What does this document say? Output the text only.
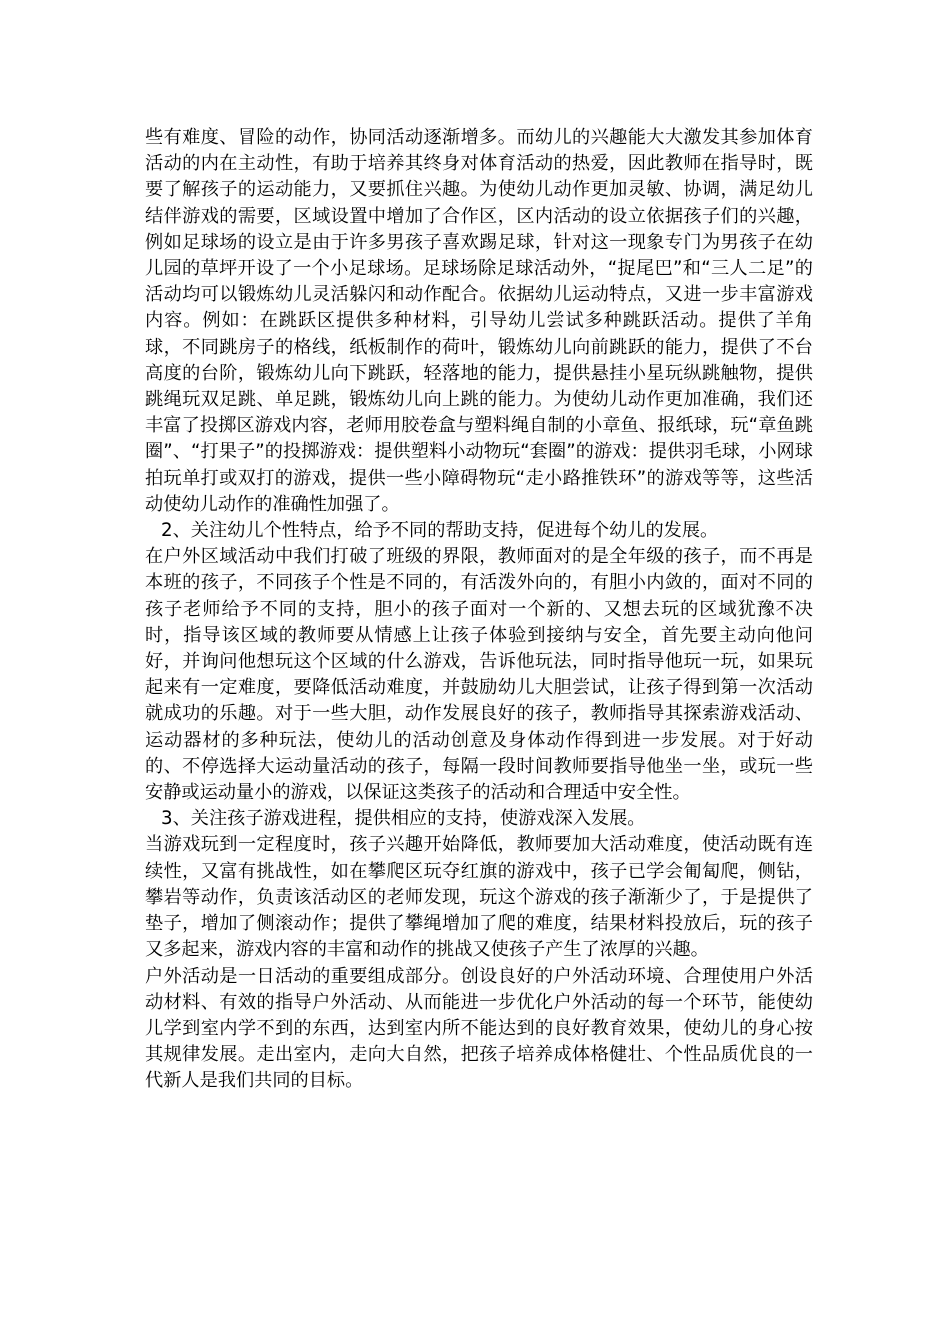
些有难度、冒险的动作，协同活动逐渐增多。而幼儿的兴趣能大大激发其参加体育活动的内在主动性，有助于培养其终身对体育活动的热爱，因此教师在指导时，既要了解孩子的运动能力，又要抓住兴趣。为使幼儿动作更加灵敏、协调，满足幼儿结伴游戏的需要，区域设置中增加了合作区，区内活动的设立依据孩子们的兴趣，例如足球场的设立是由于许多男孩子喜欢踢足球，针对这一现象专门为男孩子在幼儿园的草坪开设了一个小足球场。足球场除足球活动外，“捉尾巴”和“三人二足”的活动均可以锻炼幼儿灵活躲闪和动作配合。依据幼儿运动特点，又进一步丰富游戏内容。例如：在跳跃区提供多种材料，引导幼儿尝试多种跳跃活动。提供了羊角球，不同跳房子的格线，纸板制作的荷叶，锻炼幼儿向前跳跃的能力，提供了不台高度的台阶，锻炼幼儿向下跳跃，轻落地的能力，提供悬挂小星玩纵跳触物，提供跳绳玩双足跳、单足跳，锻炼幼儿向上跳的能力。为使幼儿动作更加准确，我们还丰富了投掷区游戏内容，老师用胶卷盒与塑料绳自制的小章鱼、报纸球，玩“章鱼跳圈”、“打果子”的投掷游戏：提供塑料小动物玩“套圈”的游戏：提供羽毛球，小网球拍玩单打或双打的游戏，提供一些小障碍物玩“走小路推铁环”的游戏等等，这些活动使幼儿动作的准确性加强了。

2、关注幼儿个性特点，给予不同的帮助支持，促进每个幼儿的发展。

在户外区域活动中我们打破了班级的界限，教师面对的是全年级的孩子，而不再是本班的孩子，不同孩子个性是不同的，有活泼外向的，有胆小内敛的，面对不同的孩子老师给予不同的支持，胆小的孩子面对一个新的、又想去玩的区域犹豫不决时，指导该区域的教师要从情感上让孩子体验到接纳与安全，首先要主动向他问好，并询问他想玩这个区域的什么游戏，告诉他玩法，同时指导他玩一玩，如果玩起来有一定难度，要降低活动难度，并鼓励幼儿大胆尝试，让孩子得到第一次活动就成功的乐趣。对于一些大胆，动作发展良好的孩子，教师指导其探索游戏活动、运动器材的多种玩法，使幼儿的活动创意及身体动作得到进一步发展。对于好动的、不停选择大运动量活动的孩子，每隔一段时间教师要指导他坐一坐，或玩一些安静或运动量小的游戏，以保证这类孩子的活动和合理适中安全性。

3、关注孩子游戏进程，提供相应的支持，使游戏深入发展。

当游戏玩到一定程度时，孩子兴趣开始降低，教师要加大活动难度，使活动既有连续性，又富有挑战性，如在攀爬区玩夺红旗的游戏中，孩子已学会匍匐爬，侧钻，攀岩等动作，负责该活动区的老师发现，玩这个游戏的孩子渐渐少了，于是提供了垫子，增加了侧滚动作；提供了攀绳增加了爬的难度，结果材料投放后，玩的孩子又多起来，游戏内容的丰富和动作的挑战又使孩子产生了浓厚的兴趣。

户外活动是一日活动的重要组成部分。创设良好的户外活动环境、合理使用户外活动材料、有效的指导户外活动、从而能进一步优化户外活动的每一个环节，能使幼儿学到室内学不到的东西，达到室内所不能达到的良好教育效果，使幼儿的身心按其规律发展。走出室内，走向大自然，把孩子培养成体格健壮、个性品质优良的一代新人是我们共同的目标。
